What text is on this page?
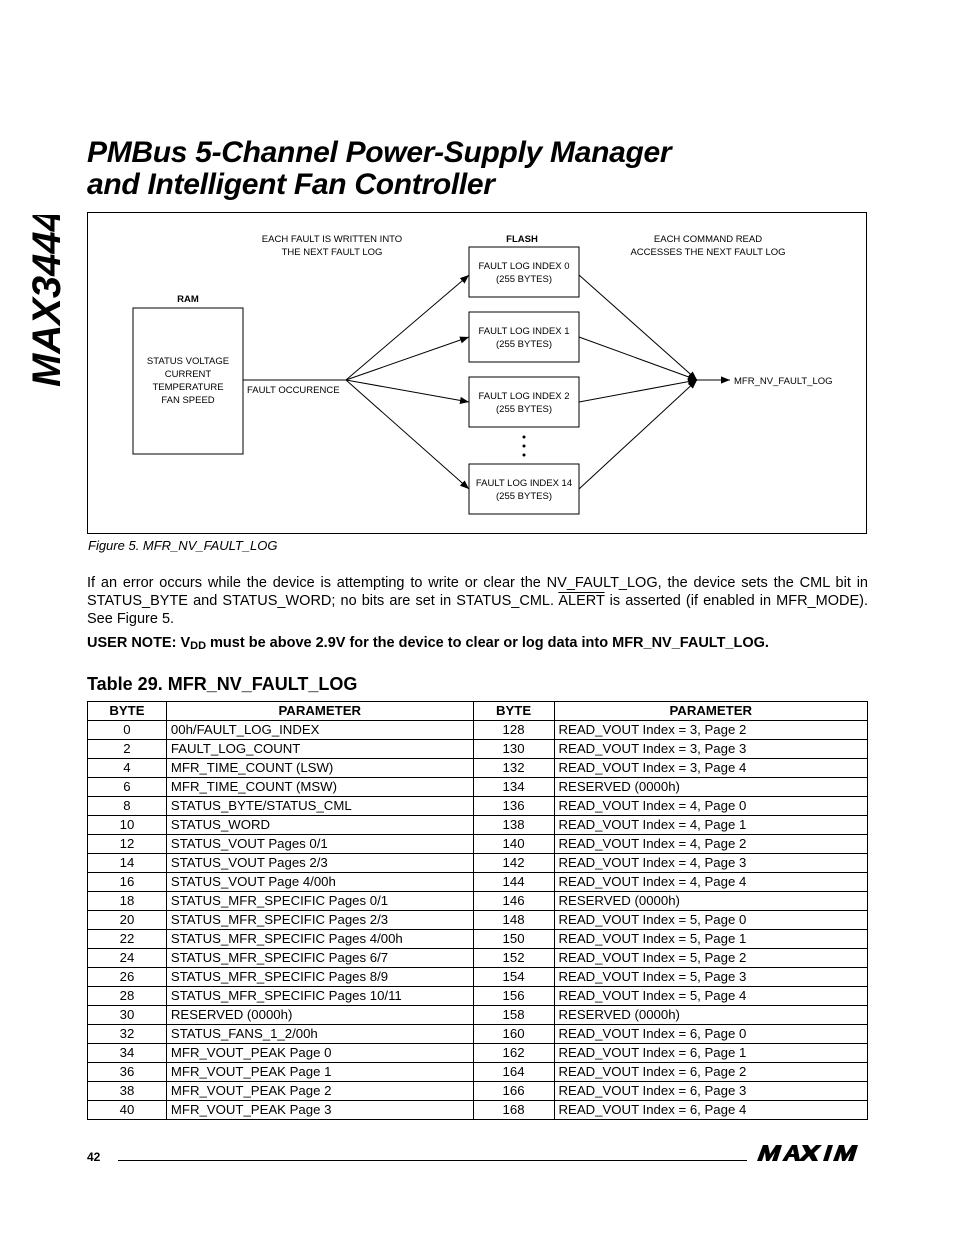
MAX34441
PMBus 5-Channel Power-Supply Manager
and Intelligent Fan Controller
EACH FAULT IS WRITTEN INTO
THE NEXT FAULT LOG
FLASH	EACH COMMAND READ
ACCESSES THE NEXT FAULT LOG
RAM
STATUS VOLTAGE
CURRENT
TEMPERATURE
FAN SPEED
FAULT OCCURENCE
FAULT LOG INDEX 0
(255 BYTES)
FAULT LOG INDEX 1
(255 BYTES)
FAULT LOG INDEX 2
(255 BYTES)
FAULT LOG INDEX 14
(255 BYTES)
MFR_NV_FAULT_LOG
Figure 5. MFR_NV_FAULT_LOG

If an error occurs while the device is attempting to write or clear the NV_FAULT_LOG, the device sets the CML bit in STATUS_BYTE and STATUS_WORD; no bits are set in STATUS_CML. ALERT is asserted (if enabled in MFR_MODE). See Figure 5.

USER NOTE: VDD must be above 2.9V for the device to clear or log data into MFR_NV_FAULT_LOG.

Table 29. MFR_NV_FAULT_LOG
BYTE	PARAMETER	BYTE	PARAMETER
0	00h/FAULT_LOG_INDEX	128	READ_VOUT Index = 3, Page 2
2	FAULT_LOG_COUNT	130	READ_VOUT Index = 3, Page 3
4	MFR_TIME_COUNT (LSW)	132	READ_VOUT Index = 3, Page 4
6	MFR_TIME_COUNT (MSW)	134	RESERVED (0000h)
8	STATUS_BYTE/STATUS_CML	136	READ_VOUT Index = 4, Page 0
10	STATUS_WORD	138	READ_VOUT Index = 4, Page 1
12	STATUS_VOUT Pages 0/1	140	READ_VOUT Index = 4, Page 2
14	STATUS_VOUT Pages 2/3	142	READ_VOUT Index = 4, Page 3
16	STATUS_VOUT Page 4/00h	144	READ_VOUT Index = 4, Page 4
18	STATUS_MFR_SPECIFIC Pages 0/1	146	RESERVED (0000h)
20	STATUS_MFR_SPECIFIC Pages 2/3	148	READ_VOUT Index = 5, Page 0
22	STATUS_MFR_SPECIFIC Pages 4/00h	150	READ_VOUT Index = 5, Page 1
24	STATUS_MFR_SPECIFIC Pages 6/7	152	READ_VOUT Index = 5, Page 2
26	STATUS_MFR_SPECIFIC Pages 8/9	154	READ_VOUT Index = 5, Page 3
28	STATUS_MFR_SPECIFIC Pages 10/11	156	READ_VOUT Index = 5, Page 4
30	RESERVED (0000h)	158	RESERVED (0000h)
32	STATUS_FANS_1_2/00h	160	READ_VOUT Index = 6, Page 0
34	MFR_VOUT_PEAK Page 0	162	READ_VOUT Index = 6, Page 1
36	MFR_VOUT_PEAK Page 1	164	READ_VOUT Index = 6, Page 2
38	MFR_VOUT_PEAK Page 2	166	READ_VOUT Index = 6, Page 3
40	MFR_VOUT_PEAK Page 3	168	READ_VOUT Index = 6, Page 4
42
